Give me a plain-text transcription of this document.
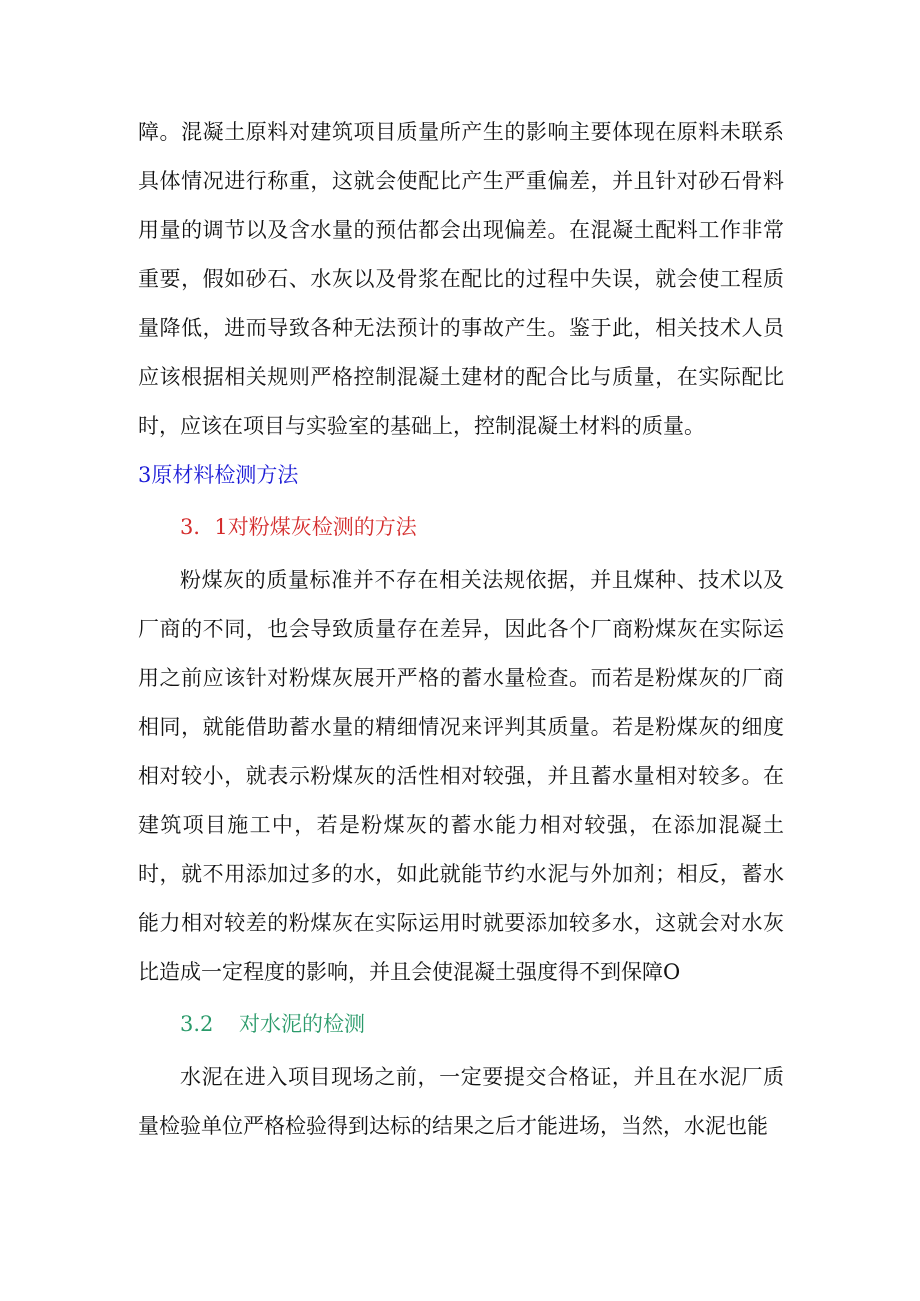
障。混凝土原料对建筑项目质量所产生的影响主要体现在原料未联系具体情况进行称重，这就会使配比产生严重偏差，并且针对砂石骨料用量的调节以及含水量的预估都会出现偏差。在混凝土配料工作非常重要，假如砂石、水灰以及骨浆在配比的过程中失误，就会使工程质量降低，进而导致各种无法预计的事故产生。鉴于此，相关技术人员应该根据相关规则严格控制混凝土建材的配合比与质量，在实际配比时，应该在项目与实验室的基础上，控制混凝土材料的质量。

3原材料检测方法
3．1对粉煤灰检测的方法

粉煤灰的质量标准并不存在相关法规依据，并且煤种、技术以及厂商的不同，也会导致质量存在差异，因此各个厂商粉煤灰在实际运用之前应该针对粉煤灰展开严格的蓄水量检查。而若是粉煤灰的厂商相同，就能借助蓄水量的精细情况来评判其质量。若是粉煤灰的细度相对较小，就表示粉煤灰的活性相对较强，并且蓄水量相对较多。在建筑项目施工中，若是粉煤灰的蓄水能力相对较强，在添加混凝土时，就不用添加过多的水，如此就能节约水泥与外加剂；相反，蓄水能力相对较差的粉煤灰在实际运用时就要添加较多水，这就会对水灰比造成一定程度的影响，并且会使混凝土强度得不到保障O

3.2 对水泥的检测

水泥在进入项目现场之前，一定要提交合格证，并且在水泥厂质量检验单位严格检验得到达标的结果之后才能进场，当然，水泥也能
